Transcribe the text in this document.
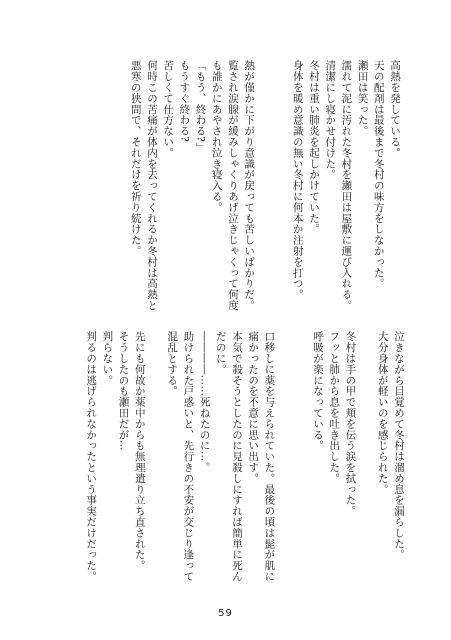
高熱を発している。
天の配剤は最後まで冬村の味方をしなかった。
瀬田は笑った。
濡れて泥に汚れた冬村を瀬田は屋敷に運び入れる。
清潔にし寝かせ付けた。
冬村は重い肺炎を起しかけていた。
身体を暖め意識の無い冬村に何本か注射を打つ。

熱が僅かに下がり意識が戻っても苦しいばかりだ。
覧され涙腺が緩みしゃくりあげ泣きじゃくって何度
も誰かにあやされ泣き寝入る。
「もう、終わる?」
もうすぐ終わる?
苦しくて仕方ない。
何時この苦痛が体内を去ってくれるか冬村は高熱と
悪寒の狭間で、それだけを祈り続けた。
泣きながら目覚めて冬村は溜め息を漏らした。
大分身体が軽いのを感じられた。

冬村は手の甲で頬を伝う涙を拭った。
フッと肺から息を吐き出した。
呼吸が楽になっている。

口移しに薬を与えられていた。最後の頃は髭が肌に
痛かったのを不意に思い出す。
本気で殺そうとしたのに見殺しにすれば簡単に死ん
だのに。
――――……死ねたのに…。
助けられた戸惑いと、先行きの不安が交じり逢って
混乱とする。

先にも何故か薬中からも無理遣り立ち直された。
そうしたのも瀬田だが…
判らない。
判るのは逃げられなかったという事実だけだった。
59
